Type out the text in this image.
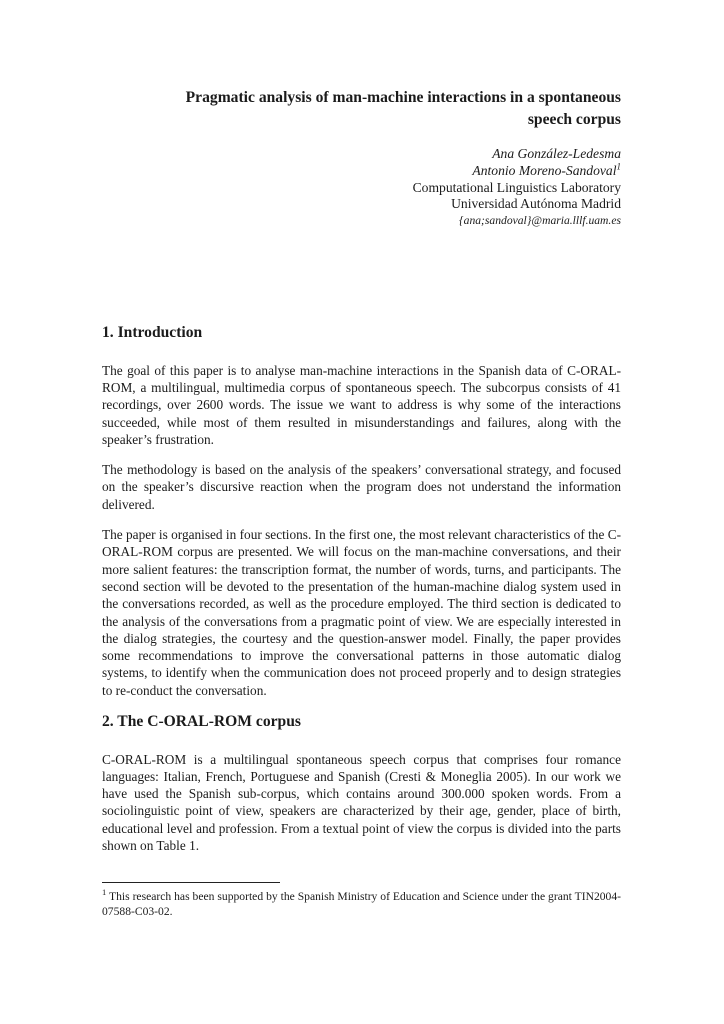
Pragmatic analysis of man-machine interactions in a spontaneous
speech corpus
Ana González-Ledesma
Antonio Moreno-Sandoval$^1$
Computational Linguistics Laboratory
Universidad Autónoma Madrid
{ana;sandoval}@maria.lllf.uam.es
1. Introduction

The goal of this paper is to analyse man-machine interactions in the Spanish data of C-ORAL-ROM, a multilingual, multimedia corpus of spontaneous speech. The subcorpus consists of 41 recordings, over 2600 words. The issue we want to address is why some of the interactions succeeded, while most of them resulted in misunderstandings and failures, along with the speaker’s frustration.

The methodology is based on the analysis of the speakers’ conversational strategy, and focused on the speaker’s discursive reaction when the program does not understand the information delivered.

The paper is organised in four sections. In the first one, the most relevant characteristics of the C-ORAL-ROM corpus are presented. We will focus on the man-machine conversations, and their more salient features: the transcription format, the number of words, turns, and participants. The second section will be devoted to the presentation of the human-machine dialog system used in the conversations recorded, as well as the procedure employed. The third section is dedicated to the analysis of the conversations from a pragmatic point of view. We are especially interested in the dialog strategies, the courtesy and the question-answer model. Finally, the paper provides some recommendations to improve the conversational patterns in those automatic dialog systems, to identify when the communication does not proceed properly and to design strategies to re-conduct the conversation.

2. The C-ORAL-ROM corpus

C-ORAL-ROM is a multilingual spontaneous speech corpus that comprises four romance languages: Italian, French, Portuguese and Spanish (Cresti & Moneglia 2005). In our work we have used the Spanish sub-corpus, which contains around 300.000 spoken words. From a sociolinguistic point of view, speakers are characterized by their age, gender, place of birth, educational level and profession. From a textual point of view the corpus is divided into the parts shown on Table 1.

$^1$ This research has been supported by the Spanish Ministry of Education and Science under the grant TIN2004-07588-C03-02.
